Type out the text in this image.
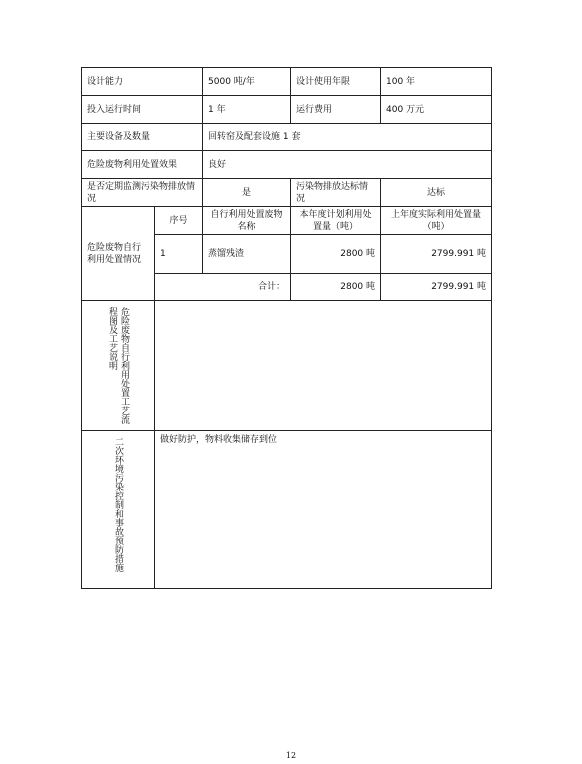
设计能力		5000 吨/年	设计使用年限	100 年
投入运行时间		1 年	运行费用	400 万元
主要设备及数量		回转窑及配套设施 1 套		
危险废物利用处置效果		良好		
是否定期监测污染物排放情况		是	污染物排放达标情况	达标
危险废物自行利用处置情况	序号	自行利用处置废物名称	本年度计划利用处置量（吨）	上年度实际利用处置量（吨）
	1	蒸馏残渣	2800 吨	2799.991 吨
	合计：		2800 吨	2799.991 吨

危险废物自行利用处置工艺流程图及工艺说明				

二次环境污染控制和事故预防措施	做好防护，物料收集储存到位			
12
